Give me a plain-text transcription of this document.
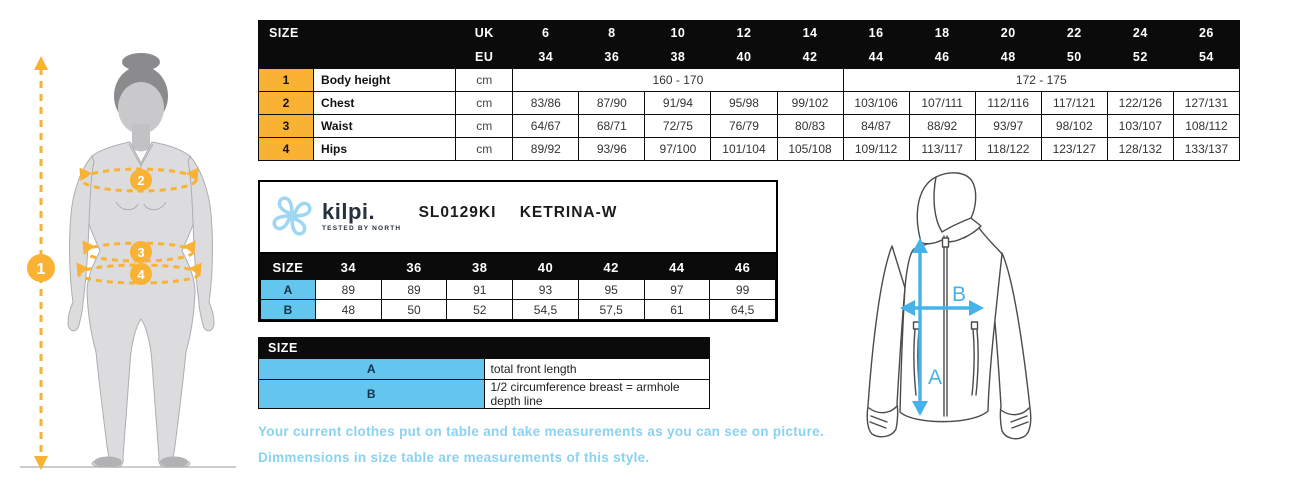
1
2
3
4
SIZE		UK	6	8	10	12	14	16	18	20	22	24	26
		EU	34	36	38	40	42	44	46	48	50	52	54
1	Body height	cm	160 - 170					172 - 175					
2	Chest	cm	83/86	87/90	91/94	95/98	99/102	103/106	107/111	112/116	117/121	122/126	127/131
3	Waist	cm	64/67	68/71	72/75	76/79	80/83	84/87	88/92	93/97	98/102	103/107	108/112
4	Hips	cm	89/92	93/96	97/100	101/104	105/108	109/112	113/117	118/122	123/127	128/132	133/137
kilpi.
TESTED BY NORTH
SL0129KI KETRINA-W
SIZE	34	36	38	40	42	44	46
A	89	89	91	93	95	97	99
B	48	50	52	54,5	57,5	61	64,5
SIZE	
A	total front length
B	1/2 circumference breast = armhole depth line

Your current clothes put on table and take measurements as you can see on picture.

Dimmensions in size table are measurements of this style.

A
B
